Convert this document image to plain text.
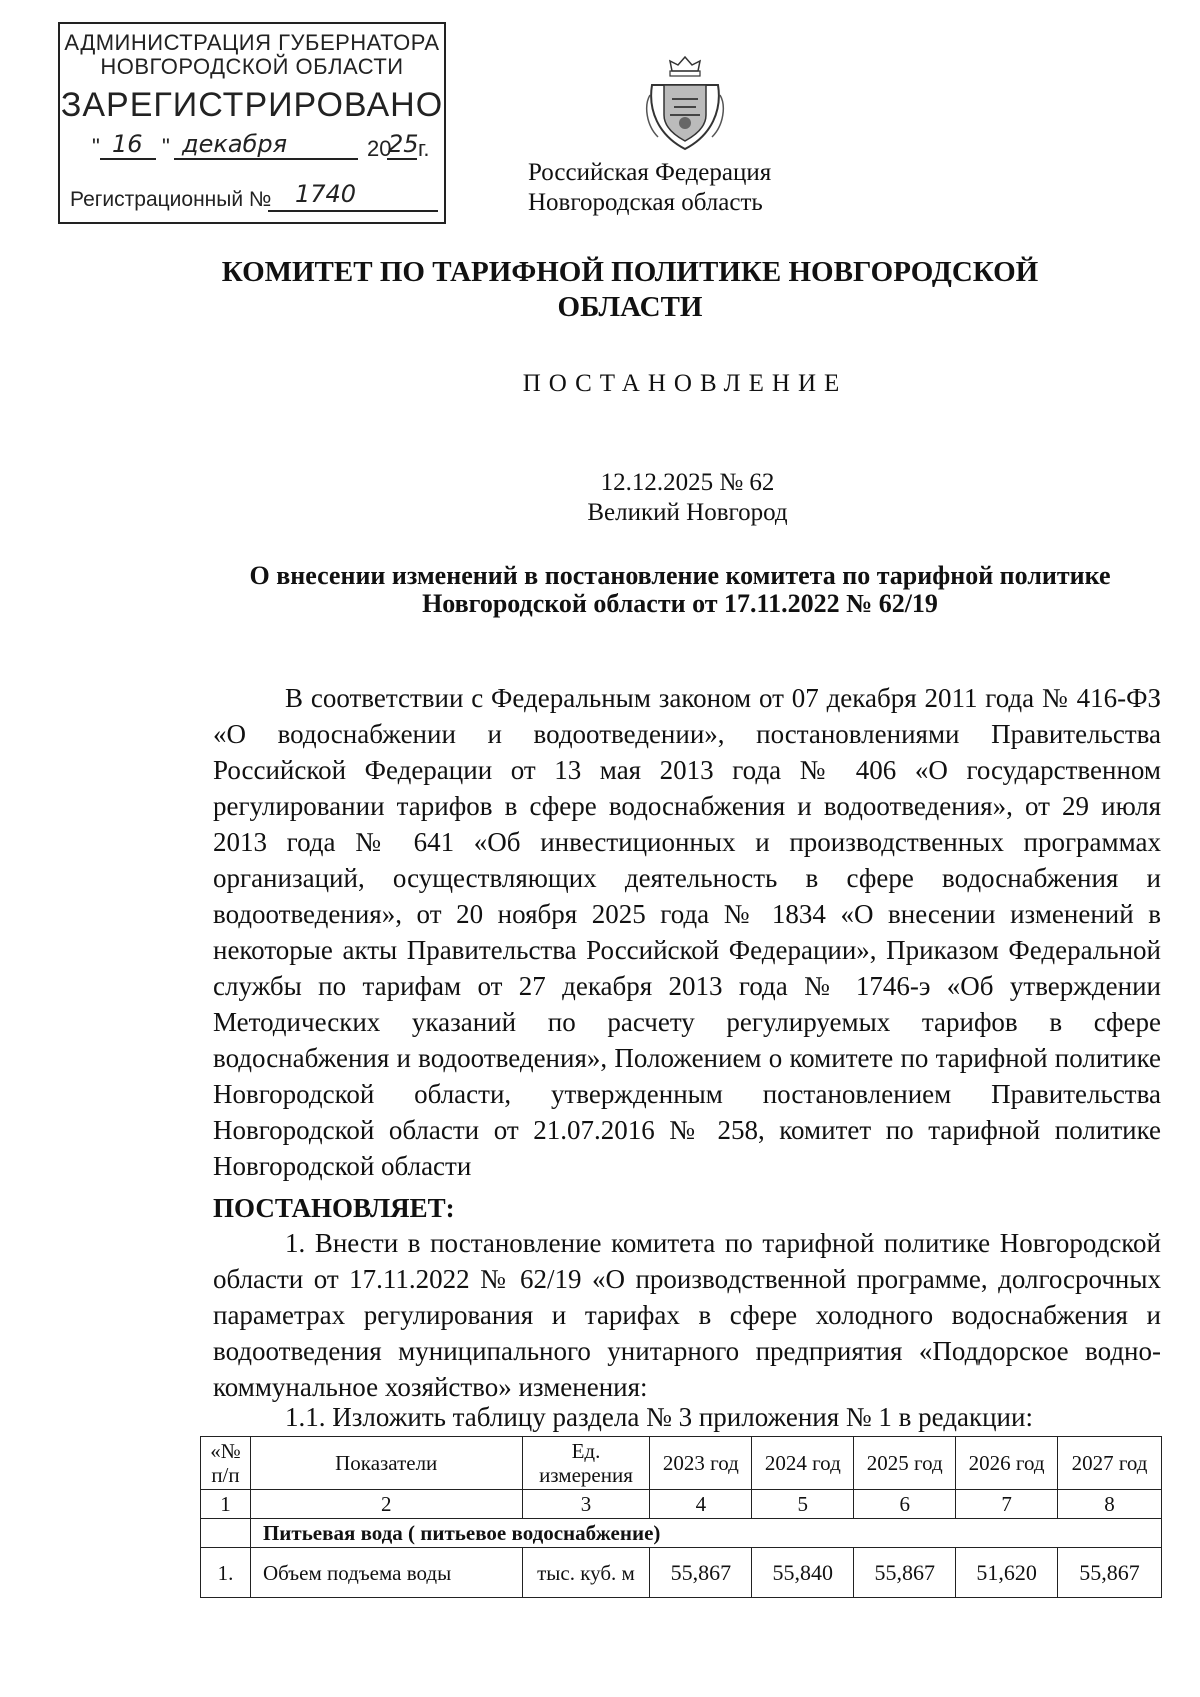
АДМИНИСТРАЦИЯ ГУБЕРНАТОРА
НОВГОРОДСКОЙ ОБЛАСТИ
ЗАРЕГИСТРИРОВАНО
" 16 " декабря	20
25 г.
Регистрационный № 1740
Российская Федерация
Новгородская область
КОМИТЕТ ПО ТАРИФНОЙ ПОЛИТИКЕ НОВГОРОДСКОЙ ОБЛАСТИ
ПОСТАНОВЛЕНИЕ
12.12.2025 № 62
Великий Новгород
О внесении изменений в постановление комитета по тарифной политике Новгородской области от 17.11.2022 № 62/19
В соответствии с Федеральным законом от 07 декабря 2011 года № 416-ФЗ «О водоснабжении и водоотведении», постановлениями Правительства Российской Федерации от 13 мая 2013 года № 406 «О государственном регулировании тарифов в сфере водоснабжения и водоотведения», от 29 июля 2013 года № 641 «Об инвестиционных и производственных программах организаций, осуществляющих деятельность в сфере водоснабжения и водоотведения», от 20 ноября 2025 года № 1834 «О внесении изменений в некоторые акты Правительства Российской Федерации», Приказом Федеральной службы по тарифам от 27 декабря 2013 года № 1746-э «Об утверждении Методических указаний по расчету регулируемых тарифов в сфере водоснабжения и водоотведения», Положением о комитете по тарифной политике Новгородской области, утвержденным постановлением Правительства Новгородской области от 21.07.2016 № 258, комитет по тарифной политике Новгородской области
ПОСТАНОВЛЯЕТ:
1. Внести в постановление комитета по тарифной политике Новгородской области от 17.11.2022 № 62/19 «О производственной программе, долгосрочных параметрах регулирования и тарифах в сфере холодного водоснабжения и водоотведения муниципального унитарного предприятия «Поддорское водно-коммунальное хозяйство» изменения:
1.1. Изложить таблицу раздела № 3 приложения № 1 в редакции:
«№ п/п	Показатели	Ед. измерения	2023 год	2024 год	2025 год	2026 год	2027 год
1	2	3	4	5	6	7	8
	Питьевая вода ( питьевое водоснабжение)						
1.	Объем подъема воды	тыс. куб. м	55,867	55,840	55,867	51,620	55,867
